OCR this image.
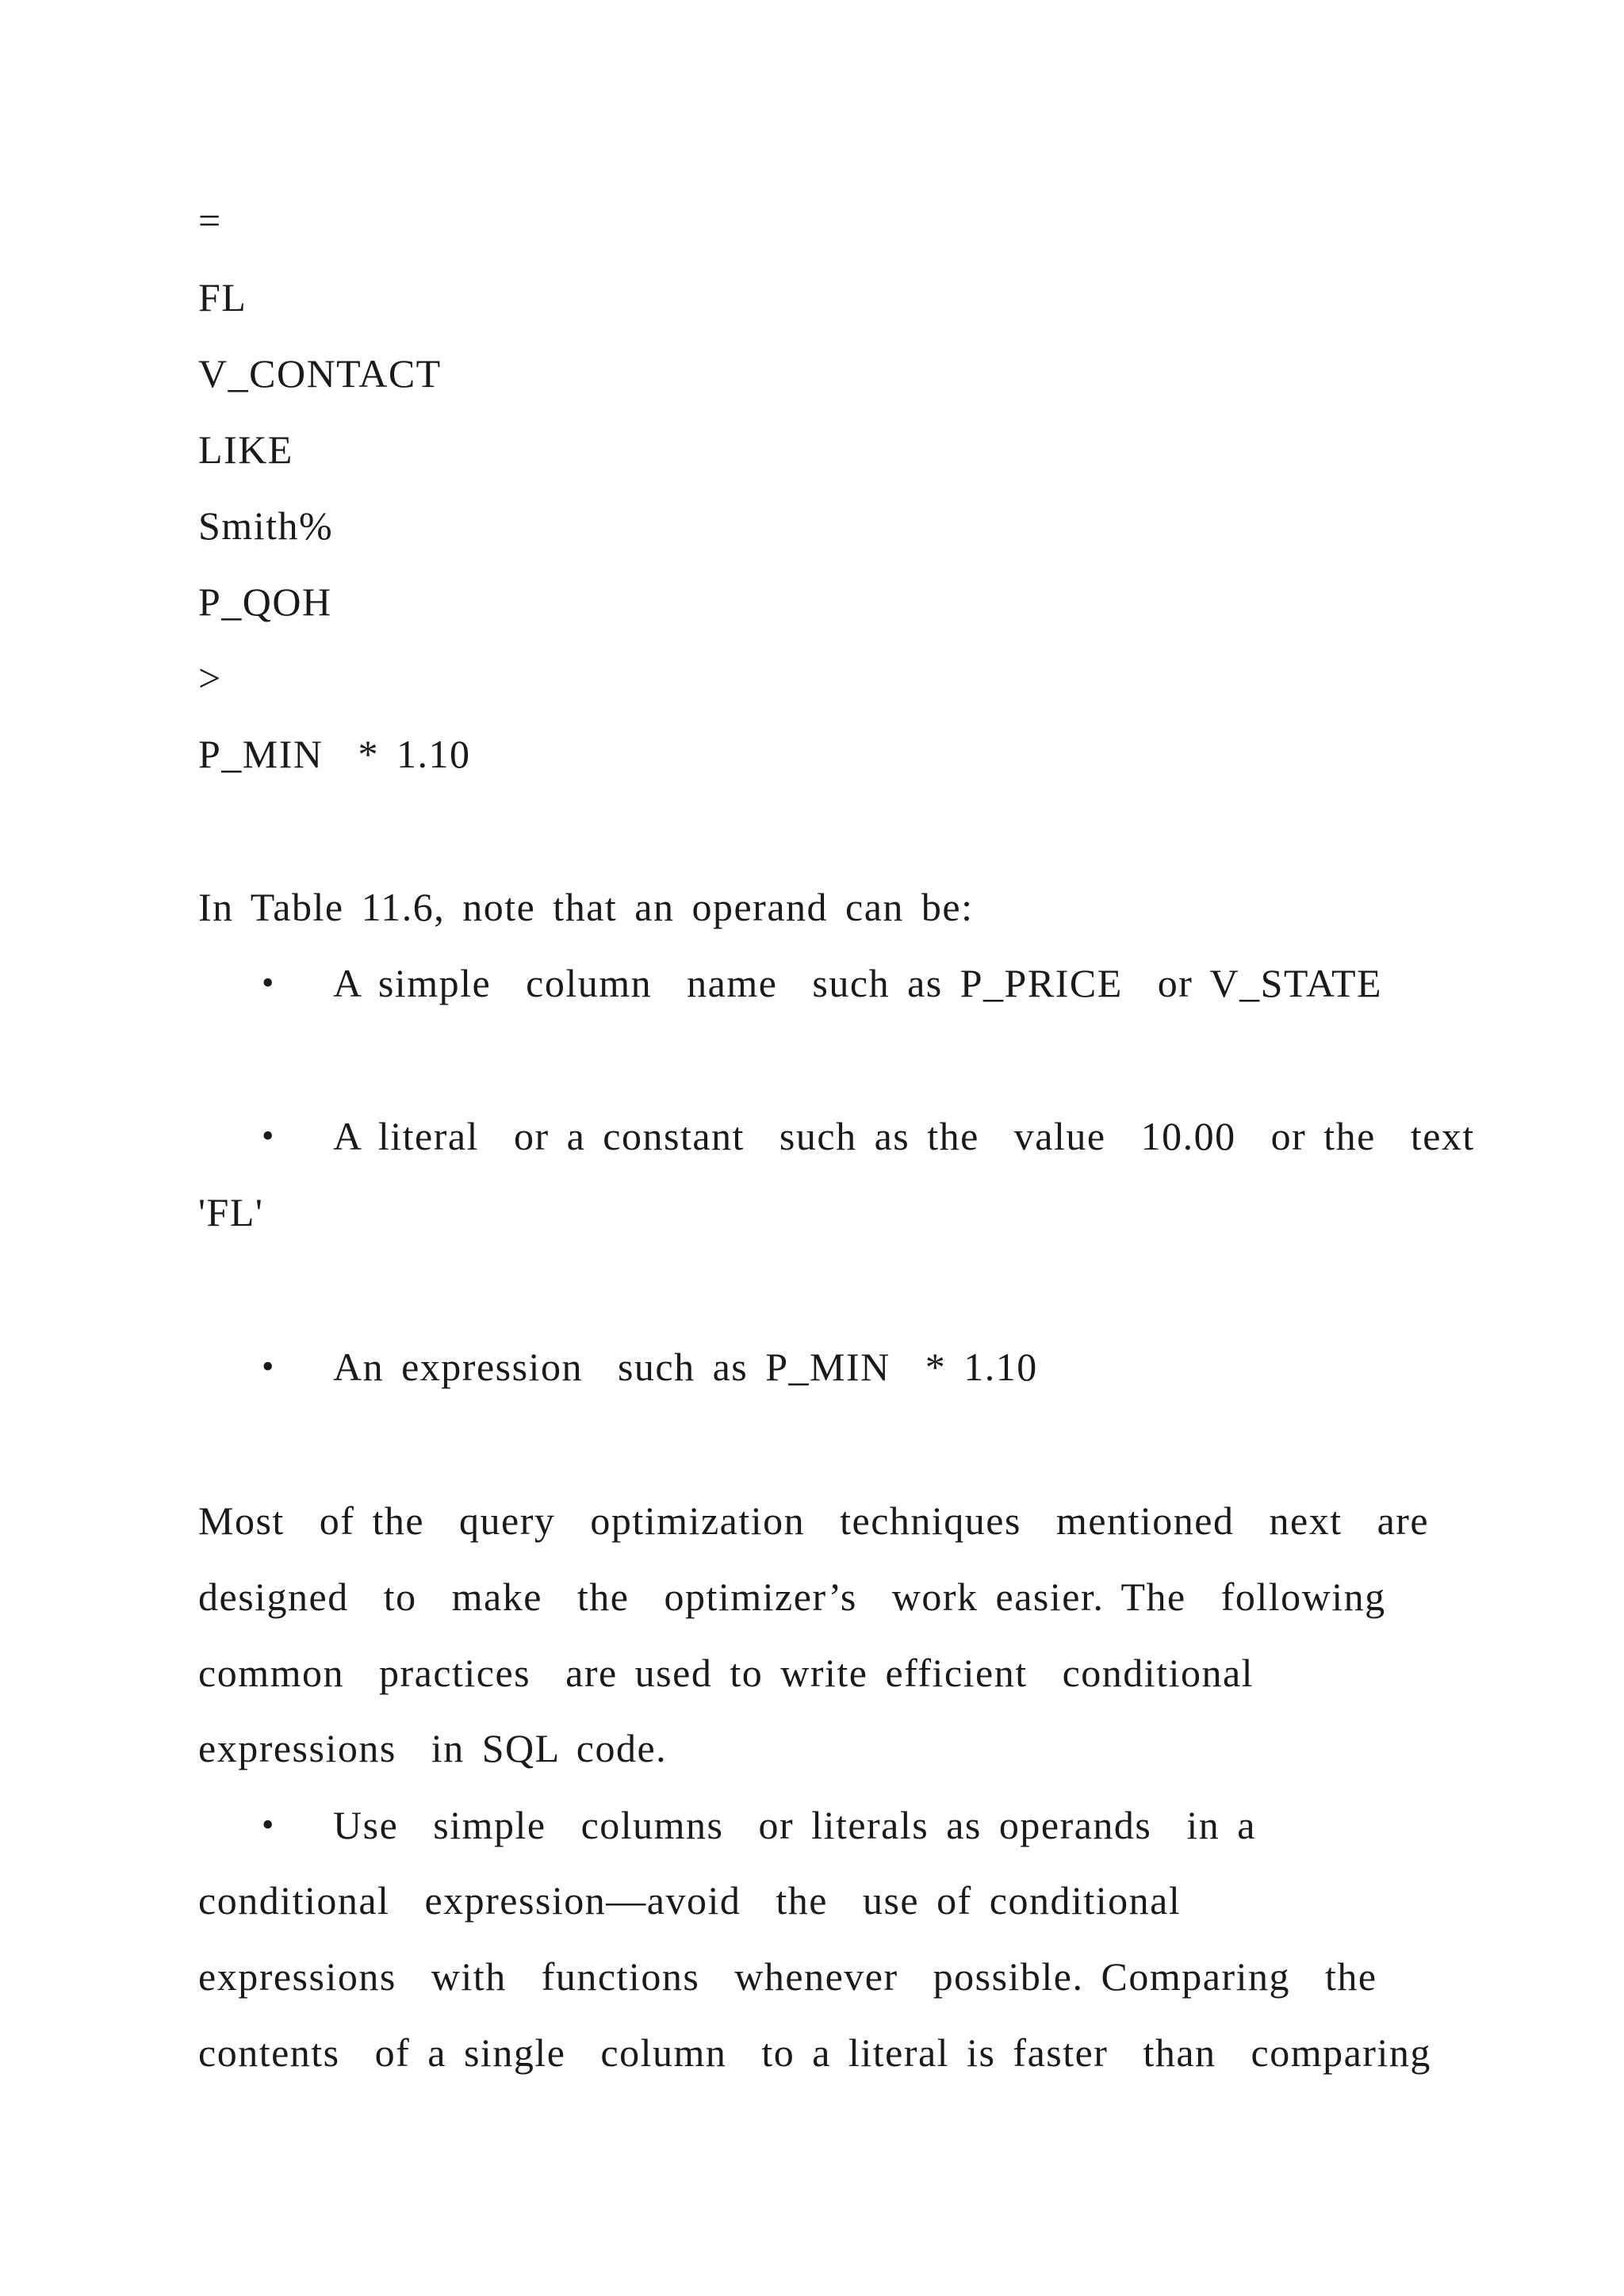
=
FL
V_CONTACT
LIKE
Smith%
P_QOH
>
P_MIN  * 1.10
In Table 11.6, note that an operand can be:
• A simple  column  name  such as P_PRICE  or V_STATE
• A literal  or a constant  such as the  value  10.00  or the  text
'FL'
• An expression  such as P_MIN  * 1.10
Most  of the  query  optimization  techniques  mentioned  next  are
designed  to  make  the  optimizer’s  work easier. The  following
common  practices  are used to write efficient  conditional
expressions  in SQL code.
• Use  simple  columns  or literals as operands  in a
conditional  expression—avoid  the  use of conditional
expressions  with  functions  whenever  possible. Comparing  the
contents  of a single  column  to a literal is faster  than  comparing
